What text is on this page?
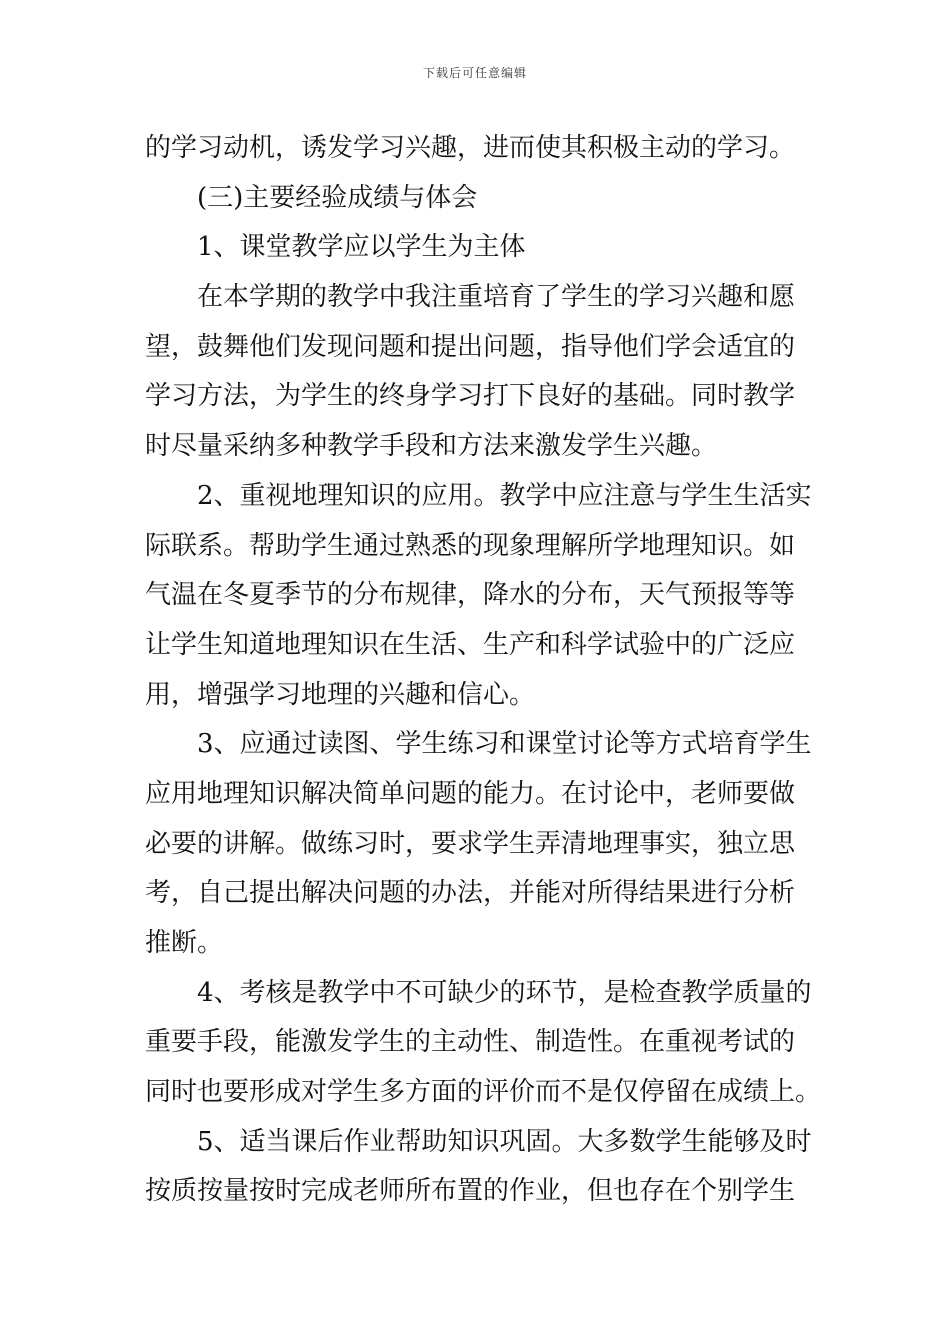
下载后可任意编辑
的学习动机，诱发学习兴趣，进而使其积极主动的学习。
(三)主要经验成绩与体会
1、课堂教学应以学生为主体
在本学期的教学中我注重培育了学生的学习兴趣和愿
望，鼓舞他们发现问题和提出问题，指导他们学会适宜的
学习方法，为学生的终身学习打下良好的基础。同时教学
时尽量采纳多种教学手段和方法来激发学生兴趣。
2、重视地理知识的应用。教学中应注意与学生生活实
际联系。帮助学生通过熟悉的现象理解所学地理知识。如
气温在冬夏季节的分布规律，降水的分布，天气预报等等
让学生知道地理知识在生活、生产和科学试验中的广泛应
用，增强学习地理的兴趣和信心。
3、应通过读图、学生练习和课堂讨论等方式培育学生
应用地理知识解决简单问题的能力。在讨论中，老师要做
必要的讲解。做练习时，要求学生弄清地理事实，独立思
考，自己提出解决问题的办法，并能对所得结果进行分析
推断。
4、考核是教学中不可缺少的环节，是检查教学质量的
重要手段，能激发学生的主动性、制造性。在重视考试的
同时也要形成对学生多方面的评价而不是仅停留在成绩上。
5、适当课后作业帮助知识巩固。大多数学生能够及时
按质按量按时完成老师所布置的作业，但也存在个别学生
